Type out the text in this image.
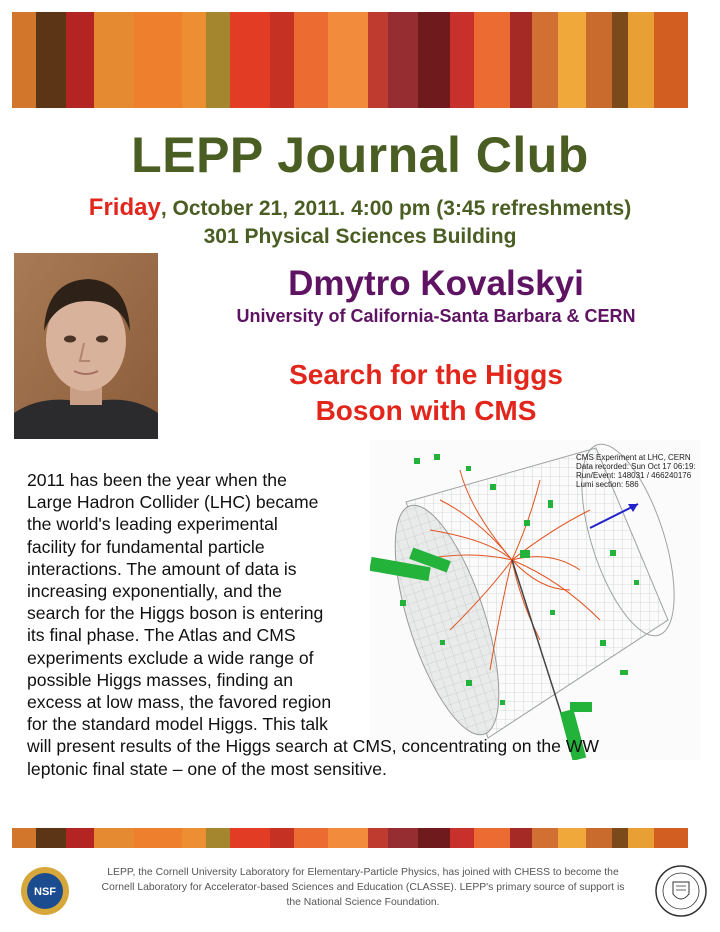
LEPP Journal Club
Friday, October 21, 2011. 4:00 pm (3:45 refreshments)
301 Physical Sciences Building
Dmytro Kovalskyi
University of California-Santa Barbara & CERN
Search for the Higgs
Boson with CMS
CMS Experiment at LHC, CERN
Data recorded: Sun Oct 17 06:19:
Run/Event: 148031 / 466240176
Lumi section: 586
2011 has been the year when the
Large Hadron Collider (LHC) became
the world's leading experimental
facility for fundamental particle
interactions. The amount of data is
increasing exponentially, and the
search for the Higgs boson is entering
its final phase. The Atlas and CMS
experiments exclude a wide range of
possible Higgs masses, finding an
excess at low mass, the favored region
for the standard model Higgs. This talk
will present results of the Higgs search at CMS, concentrating on the WW
leptonic final state – one of the most sensitive.
NSF
LEPP, the Cornell University Laboratory for Elementary-Particle Physics, has joined with CHESS to become the
Cornell Laboratory for Accelerator-based Sciences and Education (CLASSE). LEPP's primary source of support is
the National Science Foundation.
